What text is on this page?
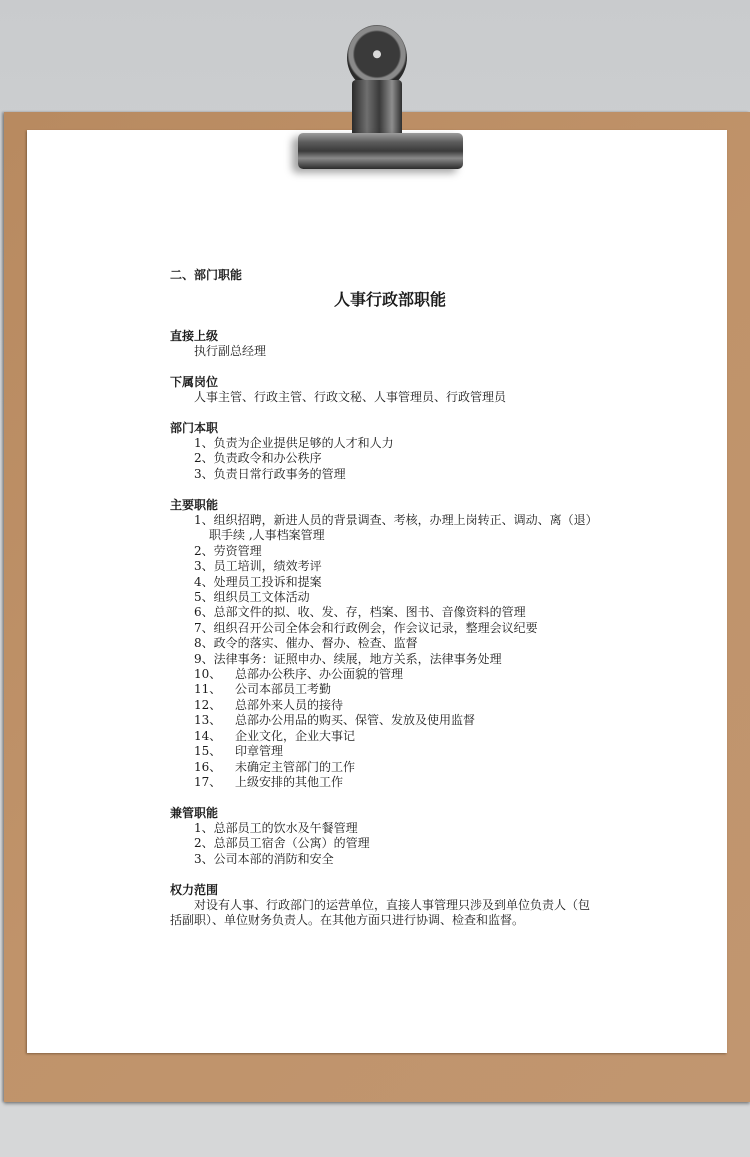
二、部门职能
人事行政部职能
直接上级
执行副总经理
下属岗位
人事主管、行政主管、行政文秘、人事管理员、行政管理员
部门本职
1、负责为企业提供足够的人才和人力
2、负责政令和办公秩序
3、负责日常行政事务的管理
主要职能
1、组织招聘，新进人员的背景调查、考核，办理上岗转正、调动、离（退）
职手续 ,人事档案管理
2、劳资管理
3、员工培训，绩效考评
4、处理员工投诉和提案
5、组织员工文体活动
6、总部文件的拟、收、发、存，档案、图书、音像资料的管理
7、组织召开公司全体会和行政例会，作会议记录，整理会议纪要
8、政令的落实、催办、督办、检查、监督
9、法律事务：证照申办、续展，地方关系，法律事务处理
10、 总部办公秩序、办公面貌的管理
11、 公司本部员工考勤
12、 总部外来人员的接待
13、 总部办公用品的购买、保管、发放及使用监督
14、 企业文化，企业大事记
15、 印章管理
16、 未确定主管部门的工作
17、 上级安排的其他工作
兼管职能
1、总部员工的饮水及午餐管理
2、总部员工宿舍（公寓）的管理
3、公司本部的消防和安全
权力范围
对设有人事、行政部门的运营单位，直接人事管理只涉及到单位负责人（包括副职）、单位财务负责人。在其他方面只进行协调、检查和监督。
